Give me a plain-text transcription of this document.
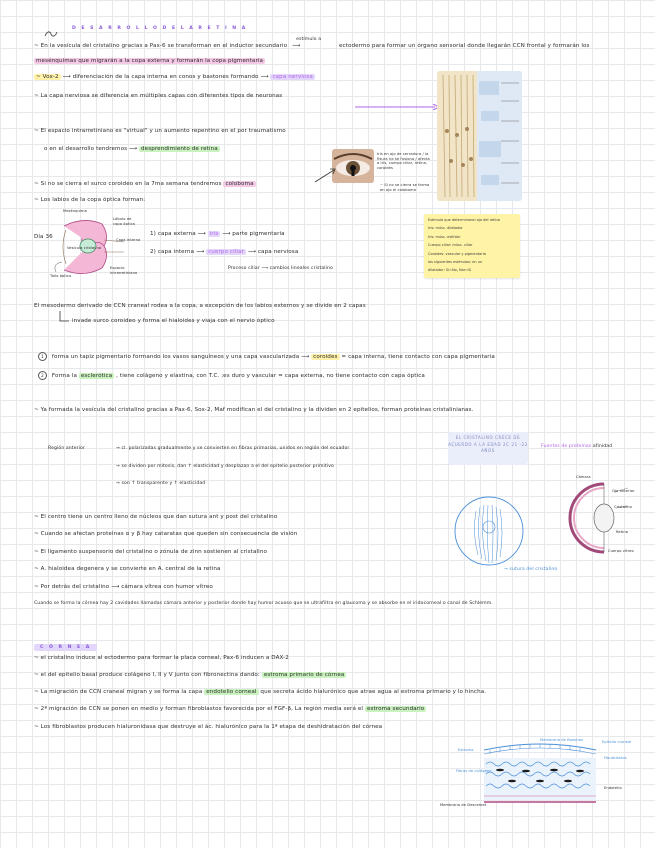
D E S A R R O L L O D E L A R E T I N A
~ En la vesícula del cristalino gracias a Pax-6 se transforman en el inductor secundario
estímulo a
⟶	ectodermo para formar un órgano sensorial donde llegarán CCN frontal y formarán los
mesénquimas que migrarán a la copa externa y formarán la copa pigmentaria
~ Vox-2 ⟶ diferenciación de la capa interna en conos y bastones formando ⟶ capa nerviosa
~ La capa nerviosa se diferencia en múltiples capas con diferentes tipos de neuronas
~ El espacio intrarretiniano es "virtual" y un aumento repentino en el por traumatismo
o en el desarrollo tendremos ⟶ desprendimiento de retina
Iris en ojo de cerradura / la fisura no se fusiona / afecta a iris, cuerpo ciliar, retina, coroides
~ Si no se cierra se forma en ojo el coloboma
~ Si no se cierra el surco coroideo en la 7ma semana tendremos coloboma
~ Los labios de la copa óptica forman:
Día 36
Lóbulo de copa óptica
Mesénquima
Capa interna
Vesícula cristalina
Tallo óptico
Espacio intrarretiniano
1) capa externa ⟶ iris ⟶ parte pigmentaria
2) capa interna ⟶ cuerpo ciliar ⟶ capa nerviosa
Proceso ciliar ⟶ cambios lineales cristalino
Estímulo que determinaron ojo del retina
Iris: músc. dilatador
Iris: músc. esfínter
Cuerpo ciliar: músc. ciliar
Coroides: vascular y pigmentaria
los siguientes estímulos: en un
dilatador: Si=No, Nor=Si
El mesodermo derivado de CCN craneal rodea a la copa, a excepción de los labios externos y se divide en 2 capas
invade surco coroideo y forma el hialoides y viaja con el nervio óptico
1 forma un tapiz pigmentario formando los vasos sanguíneos y una capa vascularizada ⟶ coroides = capa interna, tiene contacto con capa pigmentaria
2 Forma la esclerótica , tiene colágeno y elastina, con T.C. ;es duro y vascular = capa externa, no tiene contacto con capa óptica
~ Ya formada la vesícula del cristalino gracias a Pax-6, Sox-2, Maf modifican el del cristalino y la dividen en 2 epitelios, forman proteínas cristalinianas.
Región anterior	→ cl. polarizadas gradualmente y se convierten en fibras primarias, unidos en región del ecuador
→ se dividen por mitosis, dan ↑ elasticidad y desplazan a el del epitelio posterior primitivo
→ son ↑ transparente y ↑ elasticidad
EL CRISTALINO CRECE DE ACUERDO A LA EDAD 2C 21 -22 AÑOS
Fuentes de proteínas afinidad
~ El centro tiene un centro lleno de núcleos que dan sutura ant y post del cristalino
~ Cuando se afectan proteínas α y β hay cataratas que queden sin consecuencia de visión
~ El ligamento suspensorio del cristalino o zónula de zinn sostienen al cristalino
~ A. hialoidea degenera y se convierte en A. central de la retina
~ Por detrás del cristalino ⟶ cámara vítrea con humor vítreo
Cuando se forma la córnea hay 2 cavidades llamadas cámara anterior y posterior donde hay humor acuoso que se ultrafiltra en glaucoma y se absorbe en el iridocorneal o canal de Schlemm.
→ sutura del cristalino
Ojo anterior
Cristalino
Cámara
Retina
Cuerpo vítreo
C Ó R N E A
~ el cristalino induce al ectodermo para formar la placa corneal, Pax-6 inducen a DAX-2
~ el del epitelio basal produce colágeno I, II y V junto con fibronectina dando: estroma primario de córnea
~ La migración de CCN craneal migran y se forma la capa endotelio corneal que secreta ácido hialurónico que atrae agua al estroma primario y lo hincha.
~ 2ª migración de CCN se ponen en medio y forman fibroblastos favorecida por el FGF-β, La región media será el estroma secundario
~ Los fibroblastos producen hialuronidasa que destruye el ác. hialurónico para la 1ª etapa de deshidratación del córnea
Epitelio corneal
Fibroblastos
Endotelio
Membrana de Bowman
Fibras de colágeno
Estroma
Membrana de Descemet
